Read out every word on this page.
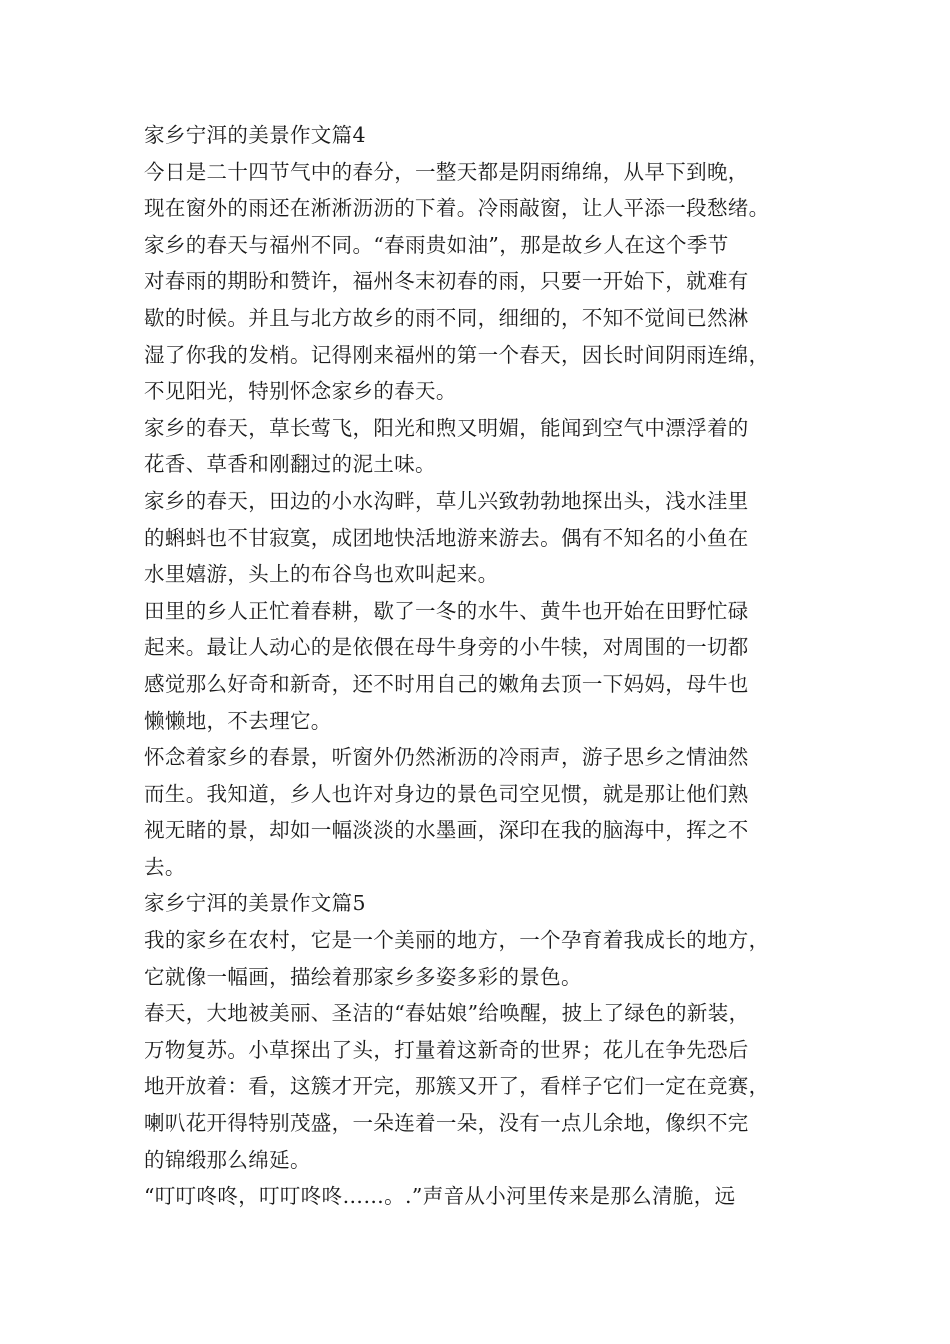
家乡宁洱的美景作文篇4
今日是二十四节气中的春分，一整天都是阴雨绵绵，从早下到晚，
现在窗外的雨还在淅淅沥沥的下着。冷雨敲窗，让人平添一段愁绪。
家乡的春天与福州不同。“春雨贵如油”，那是故乡人在这个季节
对春雨的期盼和赞许，福州冬末初春的雨，只要一开始下，就难有
歇的时候。并且与北方故乡的雨不同，细细的，不知不觉间已然淋
湿了你我的发梢。记得刚来福州的第一个春天，因长时间阴雨连绵，
不见阳光，特别怀念家乡的春天。
家乡的春天，草长莺飞，阳光和煦又明媚，能闻到空气中漂浮着的
花香、草香和刚翻过的泥土味。
家乡的春天，田边的小水沟畔，草儿兴致勃勃地探出头，浅水洼里
的蝌蚪也不甘寂寞，成团地快活地游来游去。偶有不知名的小鱼在
水里嬉游，头上的布谷鸟也欢叫起来。
田里的乡人正忙着春耕，歇了一冬的水牛、黄牛也开始在田野忙碌
起来。最让人动心的是依偎在母牛身旁的小牛犊，对周围的一切都
感觉那么好奇和新奇，还不时用自己的嫩角去顶一下妈妈，母牛也
懒懒地，不去理它。
怀念着家乡的春景，听窗外仍然淅沥的冷雨声，游子思乡之情油然
而生。我知道，乡人也许对身边的景色司空见惯，就是那让他们熟
视无睹的景，却如一幅淡淡的水墨画，深印在我的脑海中，挥之不
去。
家乡宁洱的美景作文篇5
我的家乡在农村，它是一个美丽的地方，一个孕育着我成长的地方，
它就像一幅画，描绘着那家乡多姿多彩的景色。
春天，大地被美丽、圣洁的“春姑娘”给唤醒，披上了绿色的新装，
万物复苏。小草探出了头，打量着这新奇的世界；花儿在争先恐后
地开放着：看，这簇才开完，那簇又开了，看样子它们一定在竞赛，
喇叭花开得特别茂盛，一朵连着一朵，没有一点儿余地，像织不完
的锦缎那么绵延。
“叮叮咚咚，叮叮咚咚……。.”声音从小河里传来是那么清脆，远
